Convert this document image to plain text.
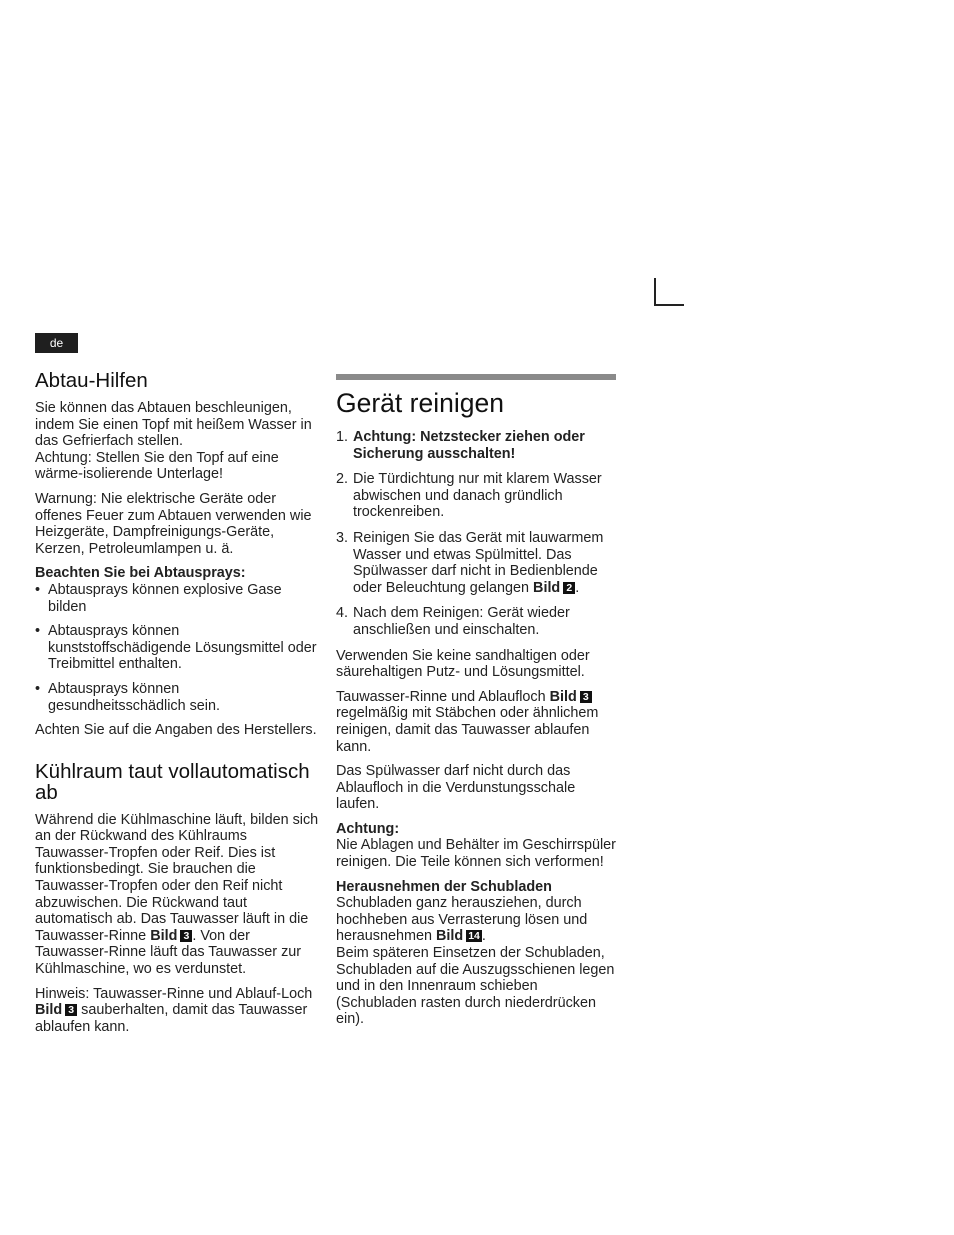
de
Abtau-Hilfen

Sie können das Abtauen beschleunigen, indem Sie einen Topf mit heißem Wasser in das Gefrierfach stellen.
Achtung: Stellen Sie den Topf auf eine wärme-isolierende Unterlage!

Warnung: Nie elektrische Geräte oder offenes Feuer zum Abtauen verwenden wie Heizgeräte, Dampfreinigungs-Geräte, Kerzen, Petroleumlampen u. ä.

Beachten Sie bei Abtausprays:

• Abtausprays können explosive Gase bilden
• Abtausprays können kunststoffschädigende Lösungsmittel oder Treibmittel enthalten.
• Abtausprays können gesundheitsschädlich sein.

Achten Sie auf die Angaben des Herstellers.

Kühlraum taut vollautomatisch ab

Während die Kühlmaschine läuft, bilden sich an der Rückwand des Kühlraums Tauwasser-Tropfen oder Reif. Dies ist funktionsbedingt. Sie brauchen die Tauwasser-Tropfen oder den Reif nicht abzuwischen. Die Rückwand taut automatisch ab. Das Tauwasser läuft in die Tauwasser-Rinne Bild 3 . Von der Tauwasser-Rinne läuft das Tauwasser zur Kühlmaschine, wo es verdunstet.

Hinweis: Tauwasser-Rinne und Ablauf-Loch Bild 3 sauberhalten, damit das Tauwasser ablaufen kann.

Gerät reinigen
1. Achtung: Netzstecker ziehen oder Sicherung ausschalten!
2. Die Türdichtung nur mit klarem Wasser abwischen und danach gründlich trockenreiben.
3. Reinigen Sie das Gerät mit lauwarmem Wasser und etwas Spülmittel. Das Spülwasser darf nicht in Bedienblende oder Beleuchtung gelangen Bild 2 .
4. Nach dem Reinigen: Gerät wieder anschließen und einschalten.

Verwenden Sie keine sandhaltigen oder säurehaltigen Putz- und Lösungsmittel.

Tauwasser-Rinne und Ablaufloch Bild 3 regelmäßig mit Stäbchen oder ähnlichem reinigen, damit das Tauwasser ablaufen kann.

Das Spülwasser darf nicht durch das Ablaufloch in die Verdunstungsschale laufen.

Achtung:
Nie Ablagen und Behälter im Geschirrspüler reinigen. Die Teile können sich verformen!

Herausnehmen der Schubladen

Schubladen ganz herausziehen, durch hochheben aus Verrasterung lösen und herausnehmen Bild 14 .
Beim späteren Einsetzen der Schubladen, Schubladen auf die Auszugsschienen legen und in den Innenraum schieben (Schubladen rasten durch niederdrücken ein).
